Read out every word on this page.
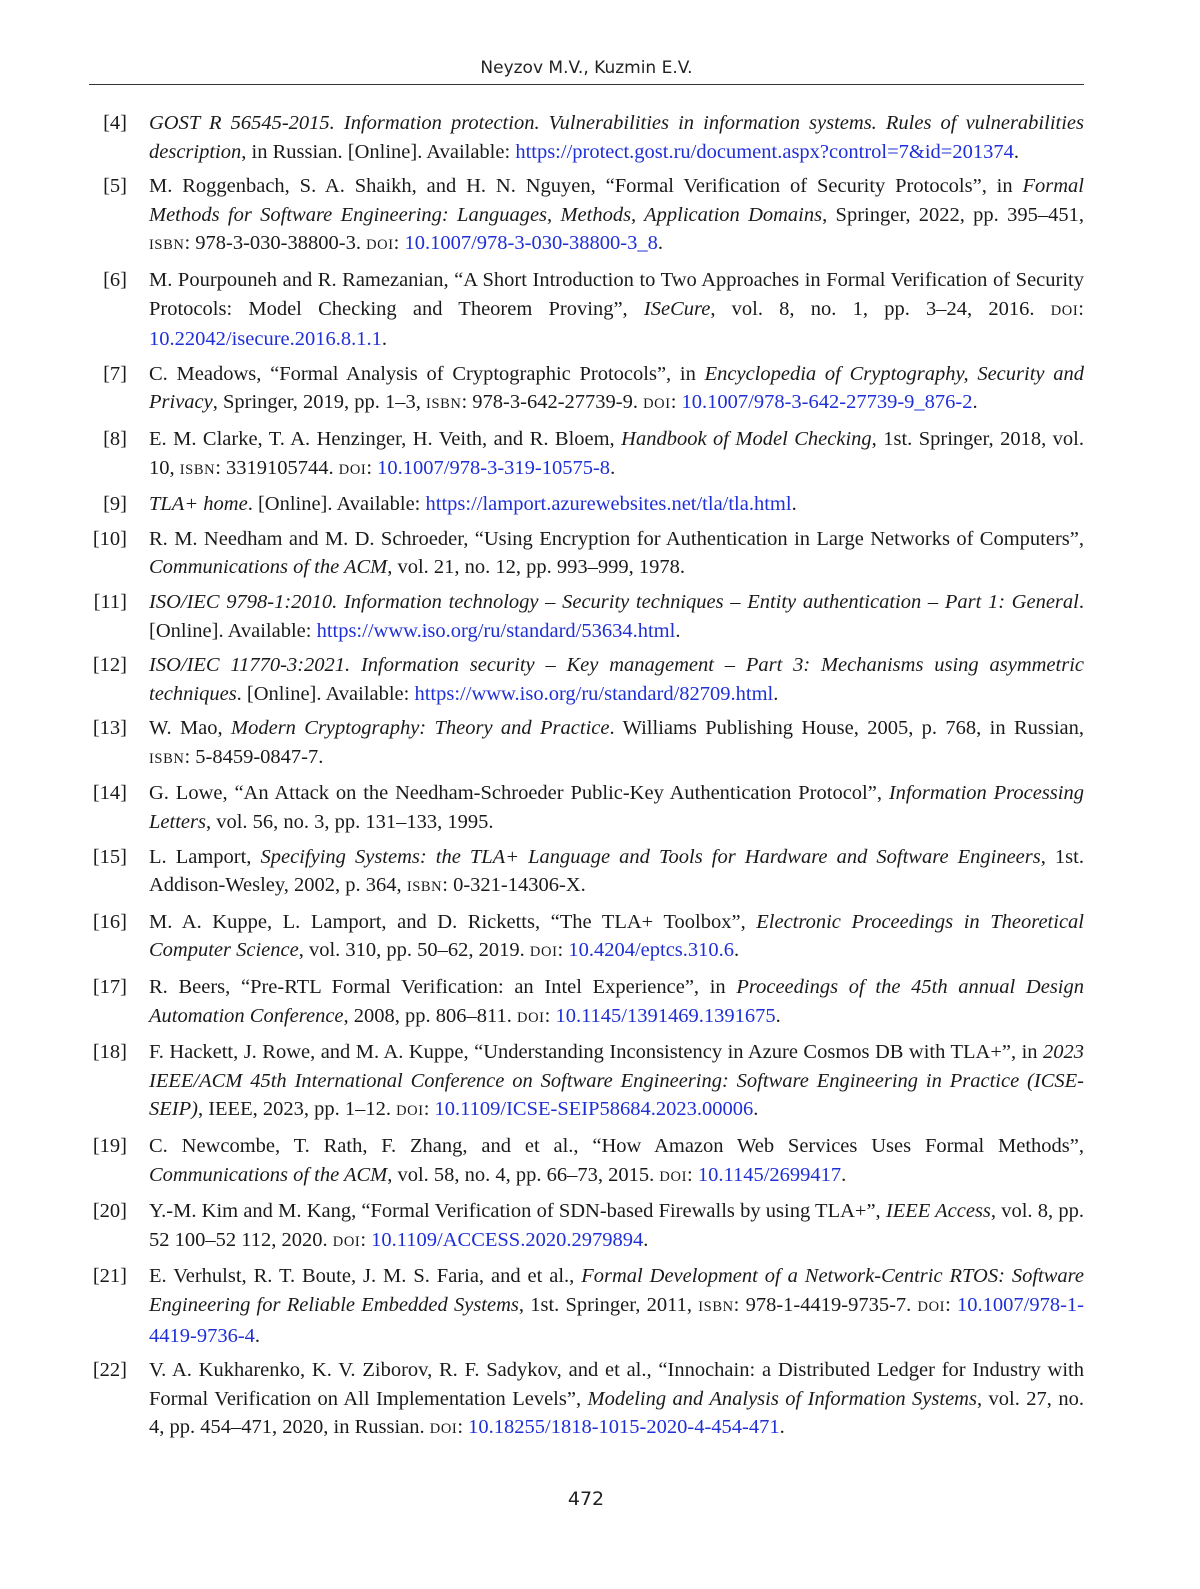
Neyzov M.V., Kuzmin E.V.
[4] GOST R 56545-2015. Information protection. Vulnerabilities in information systems. Rules of vulnerabilities description, in Russian. [Online]. Available: https://protect.gost.ru/document.aspx?control=7&id=201374.
[5] M. Roggenbach, S. A. Shaikh, and H. N. Nguyen, “Formal Verification of Security Protocols”, in Formal Methods for Software Engineering: Languages, Methods, Application Domains, Springer, 2022, pp. 395–451, ISBN: 978-3-030-38800-3. DOI: 10.1007/978-3-030-38800-3_8.
[6] M. Pourpouneh and R. Ramezanian, “A Short Introduction to Two Approaches in Formal Verification of Security Protocols: Model Checking and Theorem Proving”, ISeCure, vol. 8, no. 1, pp. 3–24, 2016. DOI: 10.22042/isecure.2016.8.1.1.
[7] C. Meadows, “Formal Analysis of Cryptographic Protocols”, in Encyclopedia of Cryptography, Security and Privacy, Springer, 2019, pp. 1–3, ISBN: 978-3-642-27739-9. DOI: 10.1007/978-3-642-27739-9_876-2.
[8] E. M. Clarke, T. A. Henzinger, H. Veith, and R. Bloem, Handbook of Model Checking, 1st. Springer, 2018, vol. 10, ISBN: 3319105744. DOI: 10.1007/978-3-319-10575-8.
[9] TLA+ home. [Online]. Available: https://lamport.azurewebsites.net/tla/tla.html.
[10] R. M. Needham and M. D. Schroeder, “Using Encryption for Authentication in Large Networks of Computers”, Communications of the ACM, vol. 21, no. 12, pp. 993–999, 1978.
[11] ISO/IEC 9798-1:2010. Information technology – Security techniques – Entity authentication – Part 1: General. [Online]. Available: https://www.iso.org/ru/standard/53634.html.
[12] ISO/IEC 11770-3:2021. Information security – Key management – Part 3: Mechanisms using asymmetric techniques. [Online]. Available: https://www.iso.org/ru/standard/82709.html.
[13] W. Mao, Modern Cryptography: Theory and Practice. Williams Publishing House, 2005, p. 768, in Russian, ISBN: 5-8459-0847-7.
[14] G. Lowe, “An Attack on the Needham-Schroeder Public-Key Authentication Protocol”, Information Processing Letters, vol. 56, no. 3, pp. 131–133, 1995.
[15] L. Lamport, Specifying Systems: the TLA+ Language and Tools for Hardware and Software Engineers, 1st. Addison-Wesley, 2002, p. 364, ISBN: 0-321-14306-X.
[16] M. A. Kuppe, L. Lamport, and D. Ricketts, “The TLA+ Toolbox”, Electronic Proceedings in Theoretical Computer Science, vol. 310, pp. 50–62, 2019. DOI: 10.4204/eptcs.310.6.
[17] R. Beers, “Pre-RTL Formal Verification: an Intel Experience”, in Proceedings of the 45th annual Design Automation Conference, 2008, pp. 806–811. DOI: 10.1145/1391469.1391675.
[18] F. Hackett, J. Rowe, and M. A. Kuppe, “Understanding Inconsistency in Azure Cosmos DB with TLA+”, in 2023 IEEE/ACM 45th International Conference on Software Engineering: Software Engineering in Practice (ICSE-SEIP), IEEE, 2023, pp. 1–12. DOI: 10.1109/ICSE-SEIP58684.2023.00006.
[19] C. Newcombe, T. Rath, F. Zhang, and et al., “How Amazon Web Services Uses Formal Methods”, Communications of the ACM, vol. 58, no. 4, pp. 66–73, 2015. DOI: 10.1145/2699417.
[20] Y.-M. Kim and M. Kang, “Formal Verification of SDN-based Firewalls by using TLA+”, IEEE Access, vol. 8, pp. 52 100–52 112, 2020. DOI: 10.1109/ACCESS.2020.2979894.
[21] E. Verhulst, R. T. Boute, J. M. S. Faria, and et al., Formal Development of a Network-Centric RTOS: Software Engineering for Reliable Embedded Systems, 1st. Springer, 2011, ISBN: 978-1-4419-9735-7. DOI: 10.1007/978-1-4419-9736-4.
[22] V. A. Kukharenko, K. V. Ziborov, R. F. Sadykov, and et al., “Innochain: a Distributed Ledger for Industry with Formal Verification on All Implementation Levels”, Modeling and Analysis of Information Systems, vol. 27, no. 4, pp. 454–471, 2020, in Russian. DOI: 10.18255/1818-1015-2020-4-454-471.
472
